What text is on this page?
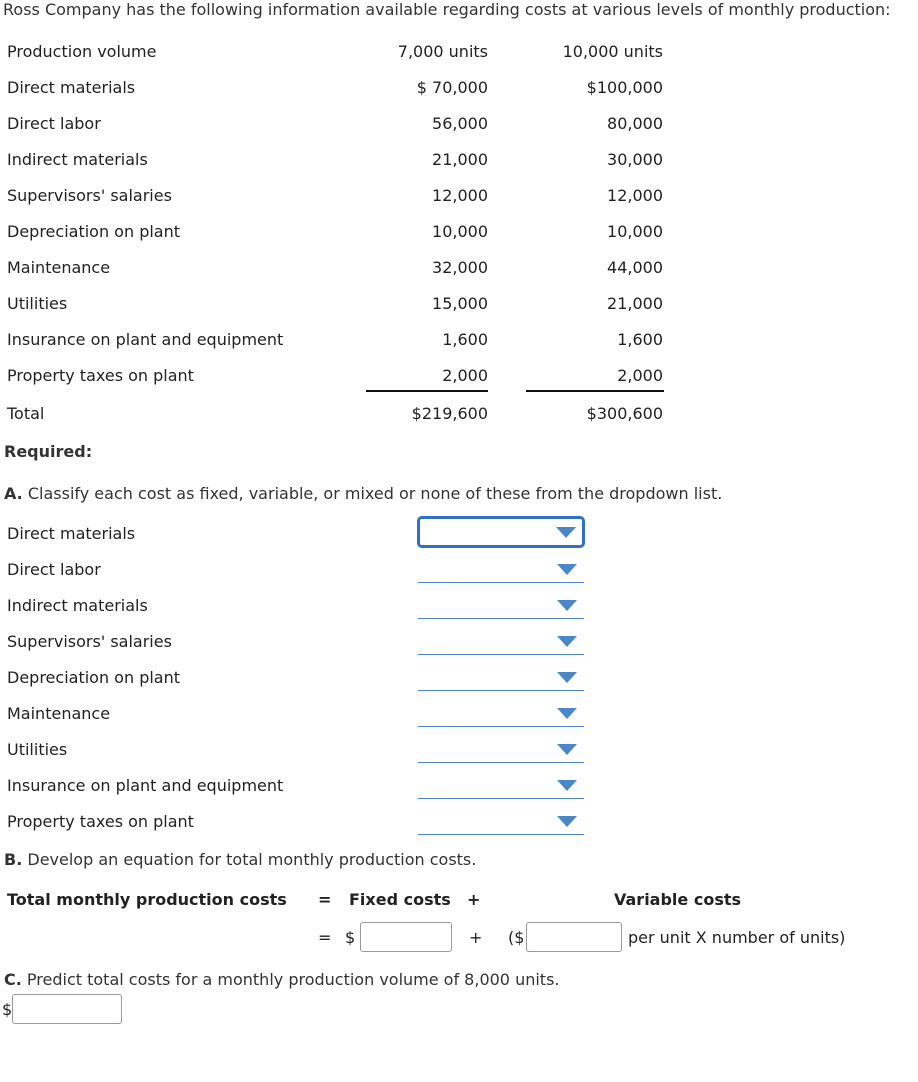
Ross Company has the following information available regarding costs at various levels of monthly production:
Production volume	7,000 units	10,000 units
Direct materials	$ 70,000	$100,000
Direct labor	56,000	80,000
Indirect materials	21,000	30,000
Supervisors' salaries	12,000	12,000
Depreciation on plant	10,000	10,000
Maintenance	32,000	44,000
Utilities	15,000	21,000
Insurance on plant and equipment	1,600	1,600
Property taxes on plant	2,000	2,000
Total	$219,600	$300,600
Required:
A. Classify each cost as fixed, variable, or mixed or none of these from the dropdown list.
Direct materials
Direct labor
Indirect materials
Supervisors' salaries
Depreciation on plant
Maintenance
Utilities
Insurance on plant and equipment
Property taxes on plant
B. Develop an equation for total monthly production costs.
Total monthly production costs = Fixed costs +	Variable costs
= $	+ ($	per unit X number of units)
C. Predict total costs for a monthly production volume of 8,000 units.
$
